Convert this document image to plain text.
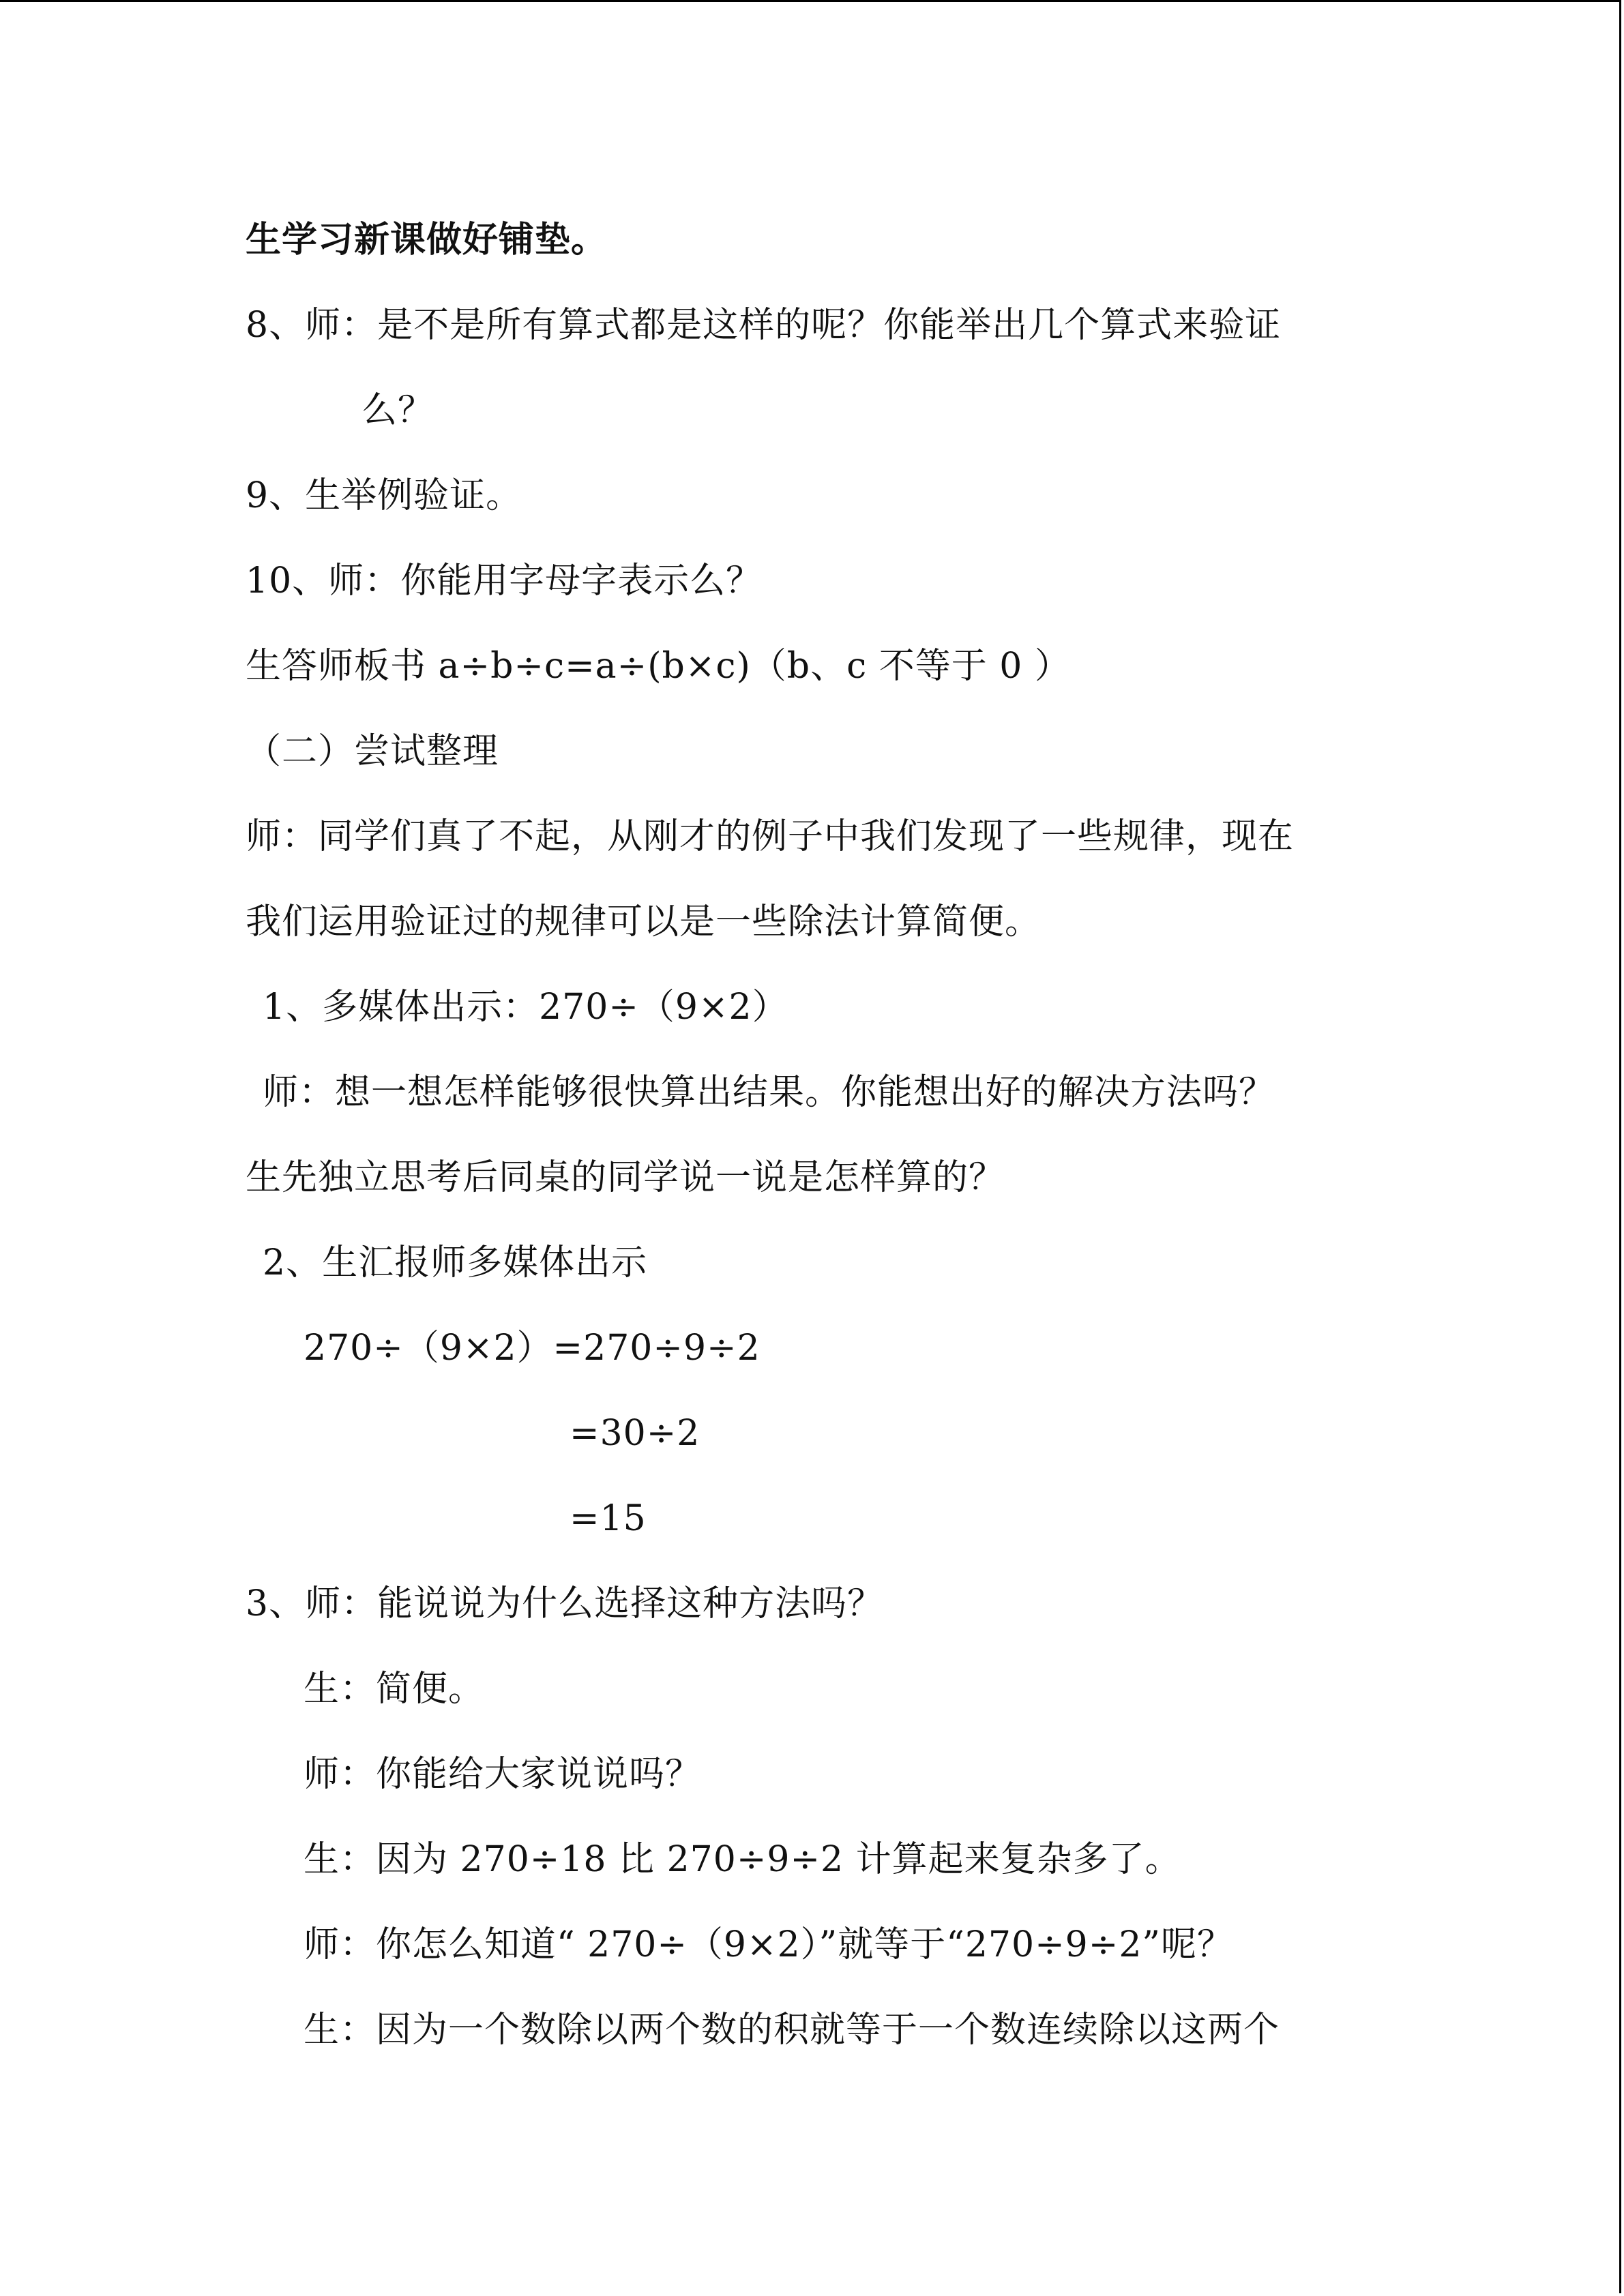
生学习新课做好铺垫。
8、师：是不是所有算式都是这样的呢？你能举出几个算式来验证
么？
9、生举例验证。
10、师：你能用字母字表示么？
生答师板书 a÷b÷c=a÷(b×c)（b、c 不等于 0 ）
（二）尝试整理
师：同学们真了不起，从刚才的例子中我们发现了一些规律，现在
我们运用验证过的规律可以是一些除法计算简便。
1、多媒体出示：270÷（9×2）
师：想一想怎样能够很快算出结果。你能想出好的解决方法吗？
生先独立思考后同桌的同学说一说是怎样算的？
2、生汇报师多媒体出示
270÷（9×2）=270÷9÷2
=30÷2
=15
3、师：能说说为什么选择这种方法吗？
生：简便。
师：你能给大家说说吗？
生：因为 270÷18 比 270÷9÷2 计算起来复杂多了。
师：你怎么知道“ 270÷（9×2）”就等于“270÷9÷2”呢？
生：因为一个数除以两个数的积就等于一个数连续除以这两个
